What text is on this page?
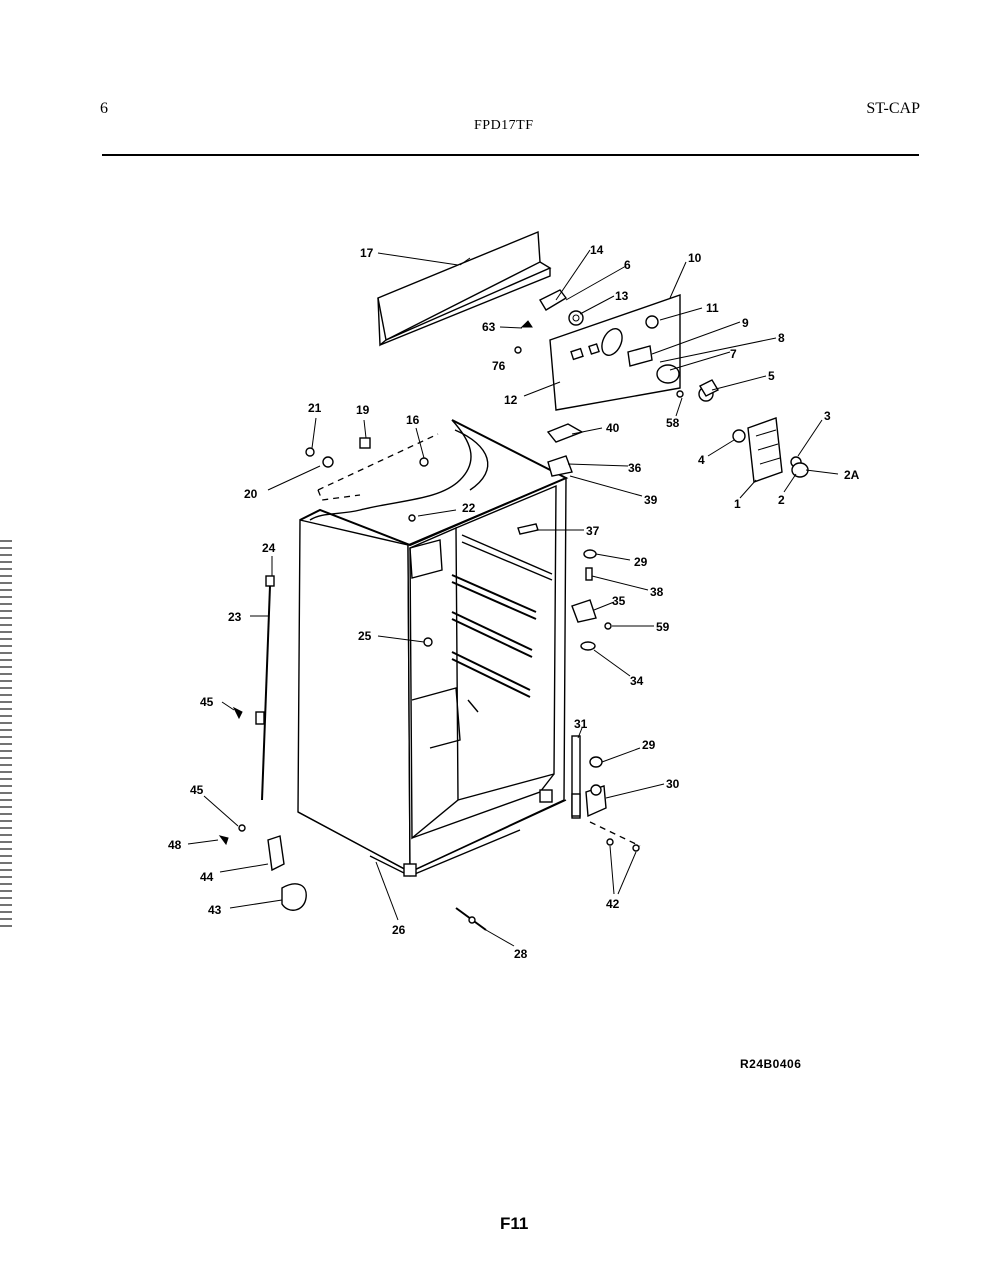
6
FPD17TF
ST-CAP
17	14
6
13
63
76
10
11
9
8
7
12
5
58	3
4
2A
2
1
21	19
16
40
36
20	39
22
37
29
38
35
59
34
24
23
25
45
31
29
30
45
48
44
43
26
42
28
R24B0406
F11
